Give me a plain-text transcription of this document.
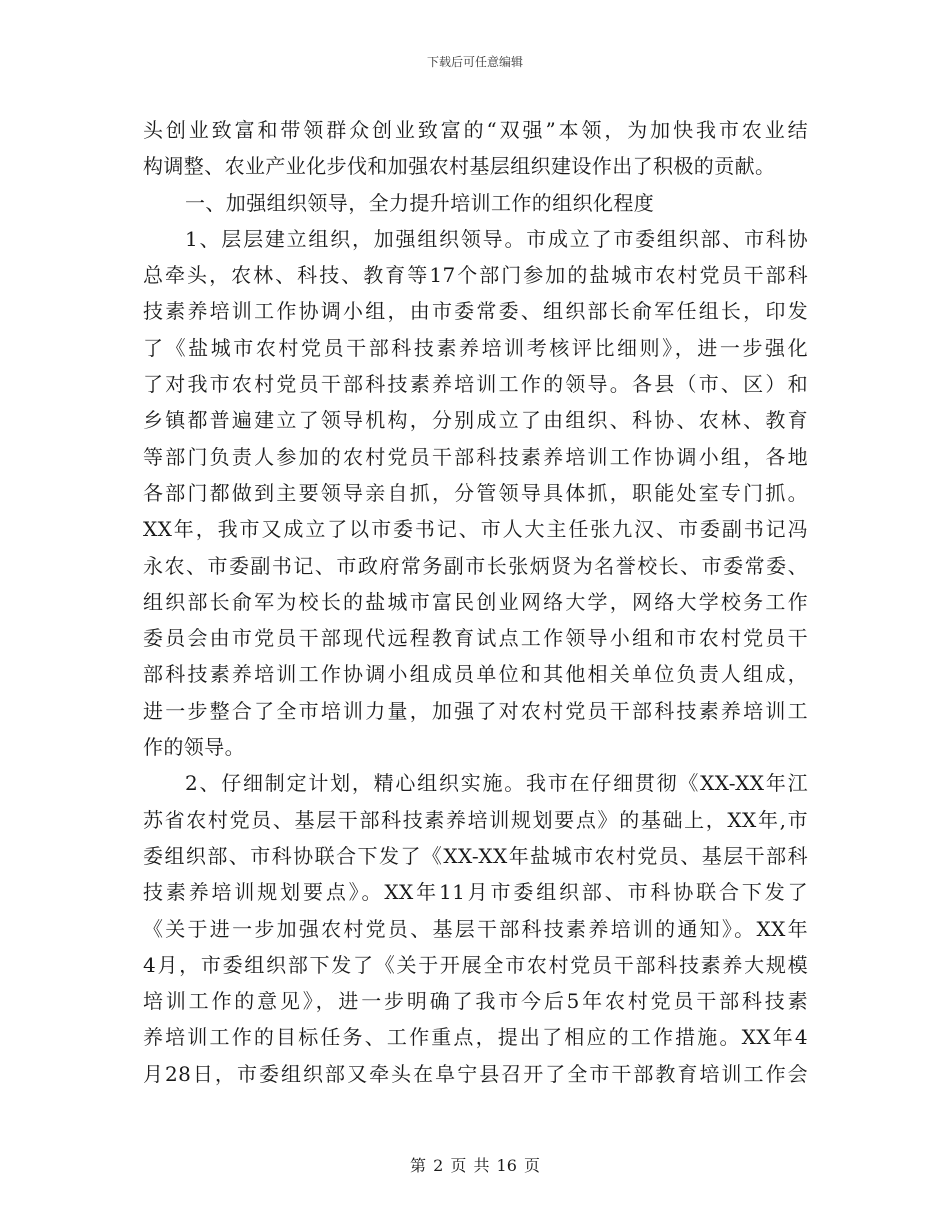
下载后可任意编辑
头创业致富和带领群众创业致富的“双强”本领，为加快我市农业结
构调整、农业产业化步伐和加强农村基层组织建设作出了积极的贡献。
一、加强组织领导，全力提升培训工作的组织化程度
1、层层建立组织，加强组织领导。市成立了市委组织部、市科协
总牵头，农林、科技、教育等17个部门参加的盐城市农村党员干部科
技素养培训工作协调小组，由市委常委、组织部长俞军任组长，印发
了《盐城市农村党员干部科技素养培训考核评比细则》，进一步强化
了对我市农村党员干部科技素养培训工作的领导。各县（市、区）和
乡镇都普遍建立了领导机构，分别成立了由组织、科协、农林、教育
等部门负责人参加的农村党员干部科技素养培训工作协调小组，各地
各部门都做到主要领导亲自抓，分管领导具体抓，职能处室专门抓。
XX年，我市又成立了以市委书记、市人大主任张九汉、市委副书记冯
永农、市委副书记、市政府常务副市长张炳贤为名誉校长、市委常委、
组织部长俞军为校长的盐城市富民创业网络大学，网络大学校务工作
委员会由市党员干部现代远程教育试点工作领导小组和市农村党员干
部科技素养培训工作协调小组成员单位和其他相关单位负责人组成，
进一步整合了全市培训力量，加强了对农村党员干部科技素养培训工
作的领导。
2、仔细制定计划，精心组织实施。我市在仔细贯彻《XX-XX年江
苏省农村党员、基层干部科技素养培训规划要点》的基础上，XX年,市
委组织部、市科协联合下发了《XX-XX年盐城市农村党员、基层干部科
技素养培训规划要点》。XX年11月市委组织部、市科协联合下发了
《关于进一步加强农村党员、基层干部科技素养培训的通知》。XX年
4月，市委组织部下发了《关于开展全市农村党员干部科技素养大规模
培训工作的意见》，进一步明确了我市今后5年农村党员干部科技素
养培训工作的目标任务、工作重点，提出了相应的工作措施。XX年4
月28日，市委组织部又牵头在阜宁县召开了全市干部教育培训工作会
第 2 页 共 16 页
